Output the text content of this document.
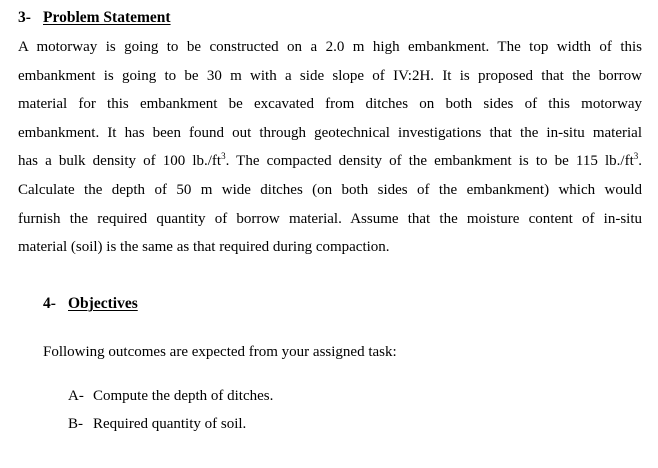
3- Problem Statement
A motorway is going to be constructed on a 2.0 m high embankment. The top width of this
embankment is going to be 30 m with a side slope of IV:2H. It is proposed that the borrow
material for this embankment be excavated from ditches on both sides of this motorway
embankment. It has been found out through geotechnical investigations that the in-situ material
has a bulk density of 100 $lb./ft^3$. The compacted density of the embankment is to be 115 $lb./ft^3$.
Calculate the depth of 50 m wide ditches (on both sides of the embankment) which would
furnish the required quantity of borrow material. Assume that the moisture content of in-situ
material (soil) is the same as that required during compaction.
4- Objectives
Following outcomes are expected from your assigned task:
A- Compute the depth of ditches.
B- Required quantity of soil.
